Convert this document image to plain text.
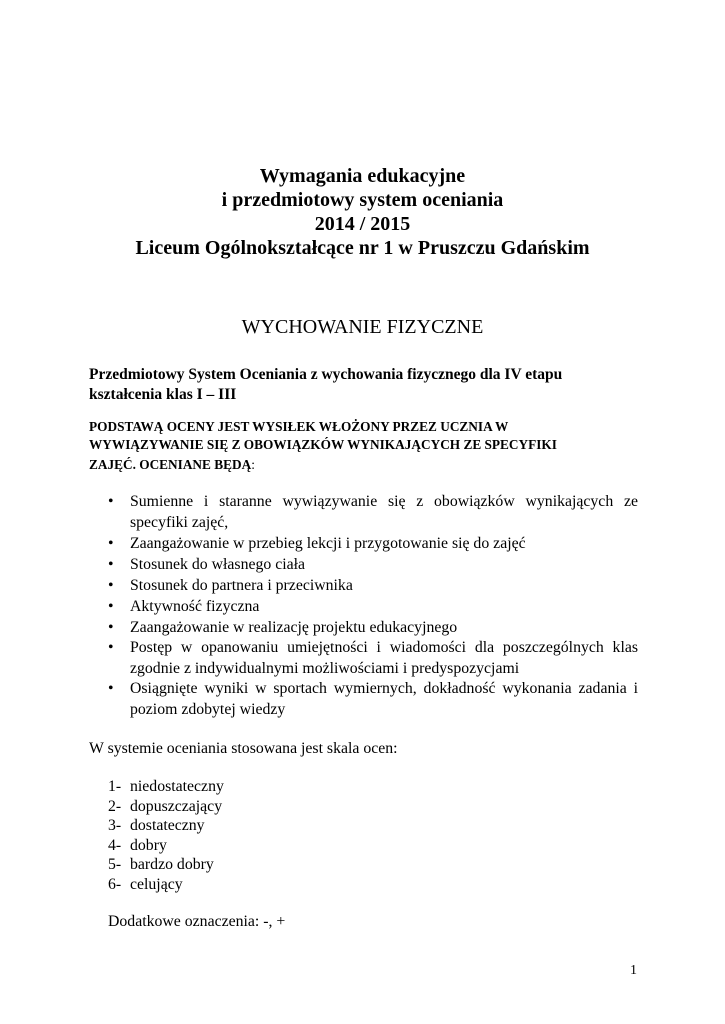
Wymagania edukacyjne

i przedmiotowy system oceniania

2014 / 2015

Liceum Ogólnokształcące nr 1 w Pruszczu Gdańskim

WYCHOWANIE FIZYCZNE

Przedmiotowy System Oceniania z wychowania fizycznego dla IV etapu

kształcenia klas I – III

PODSTAWĄ OCENY JEST WYSIŁEK WŁOŻONY PRZEZ UCZNIA W

WYWIĄZYWANIE SIĘ Z OBOWIĄZKÓW WYNIKAJĄCYCH ZE SPECYFIKI

ZAJĘĆ. OCENIANE BĘDĄ:

• Sumienne i staranne wywiązywanie się z obowiązków wynikających ze specyfiki zajęć,
• Zaangażowanie w przebieg lekcji i przygotowanie się do zajęć
• Stosunek do własnego ciała
• Stosunek do partnera i przeciwnika
• Aktywność fizyczna
• Zaangażowanie w realizację projektu edukacyjnego
• Postęp w opanowaniu umiejętności i wiadomości dla poszczególnych klas zgodnie z indywidualnymi możliwościami i predyspozycjami
• Osiągnięte wyniki w sportach wymiernych, dokładność wykonania zadania i poziom zdobytej wiedzy

W systemie oceniania stosowana jest skala ocen:

1- niedostateczny
2- dopuszczający
3- dostateczny
4- dobry
5- bardzo dobry
6- celujący

Dodatkowe oznaczenia: -, +

1
